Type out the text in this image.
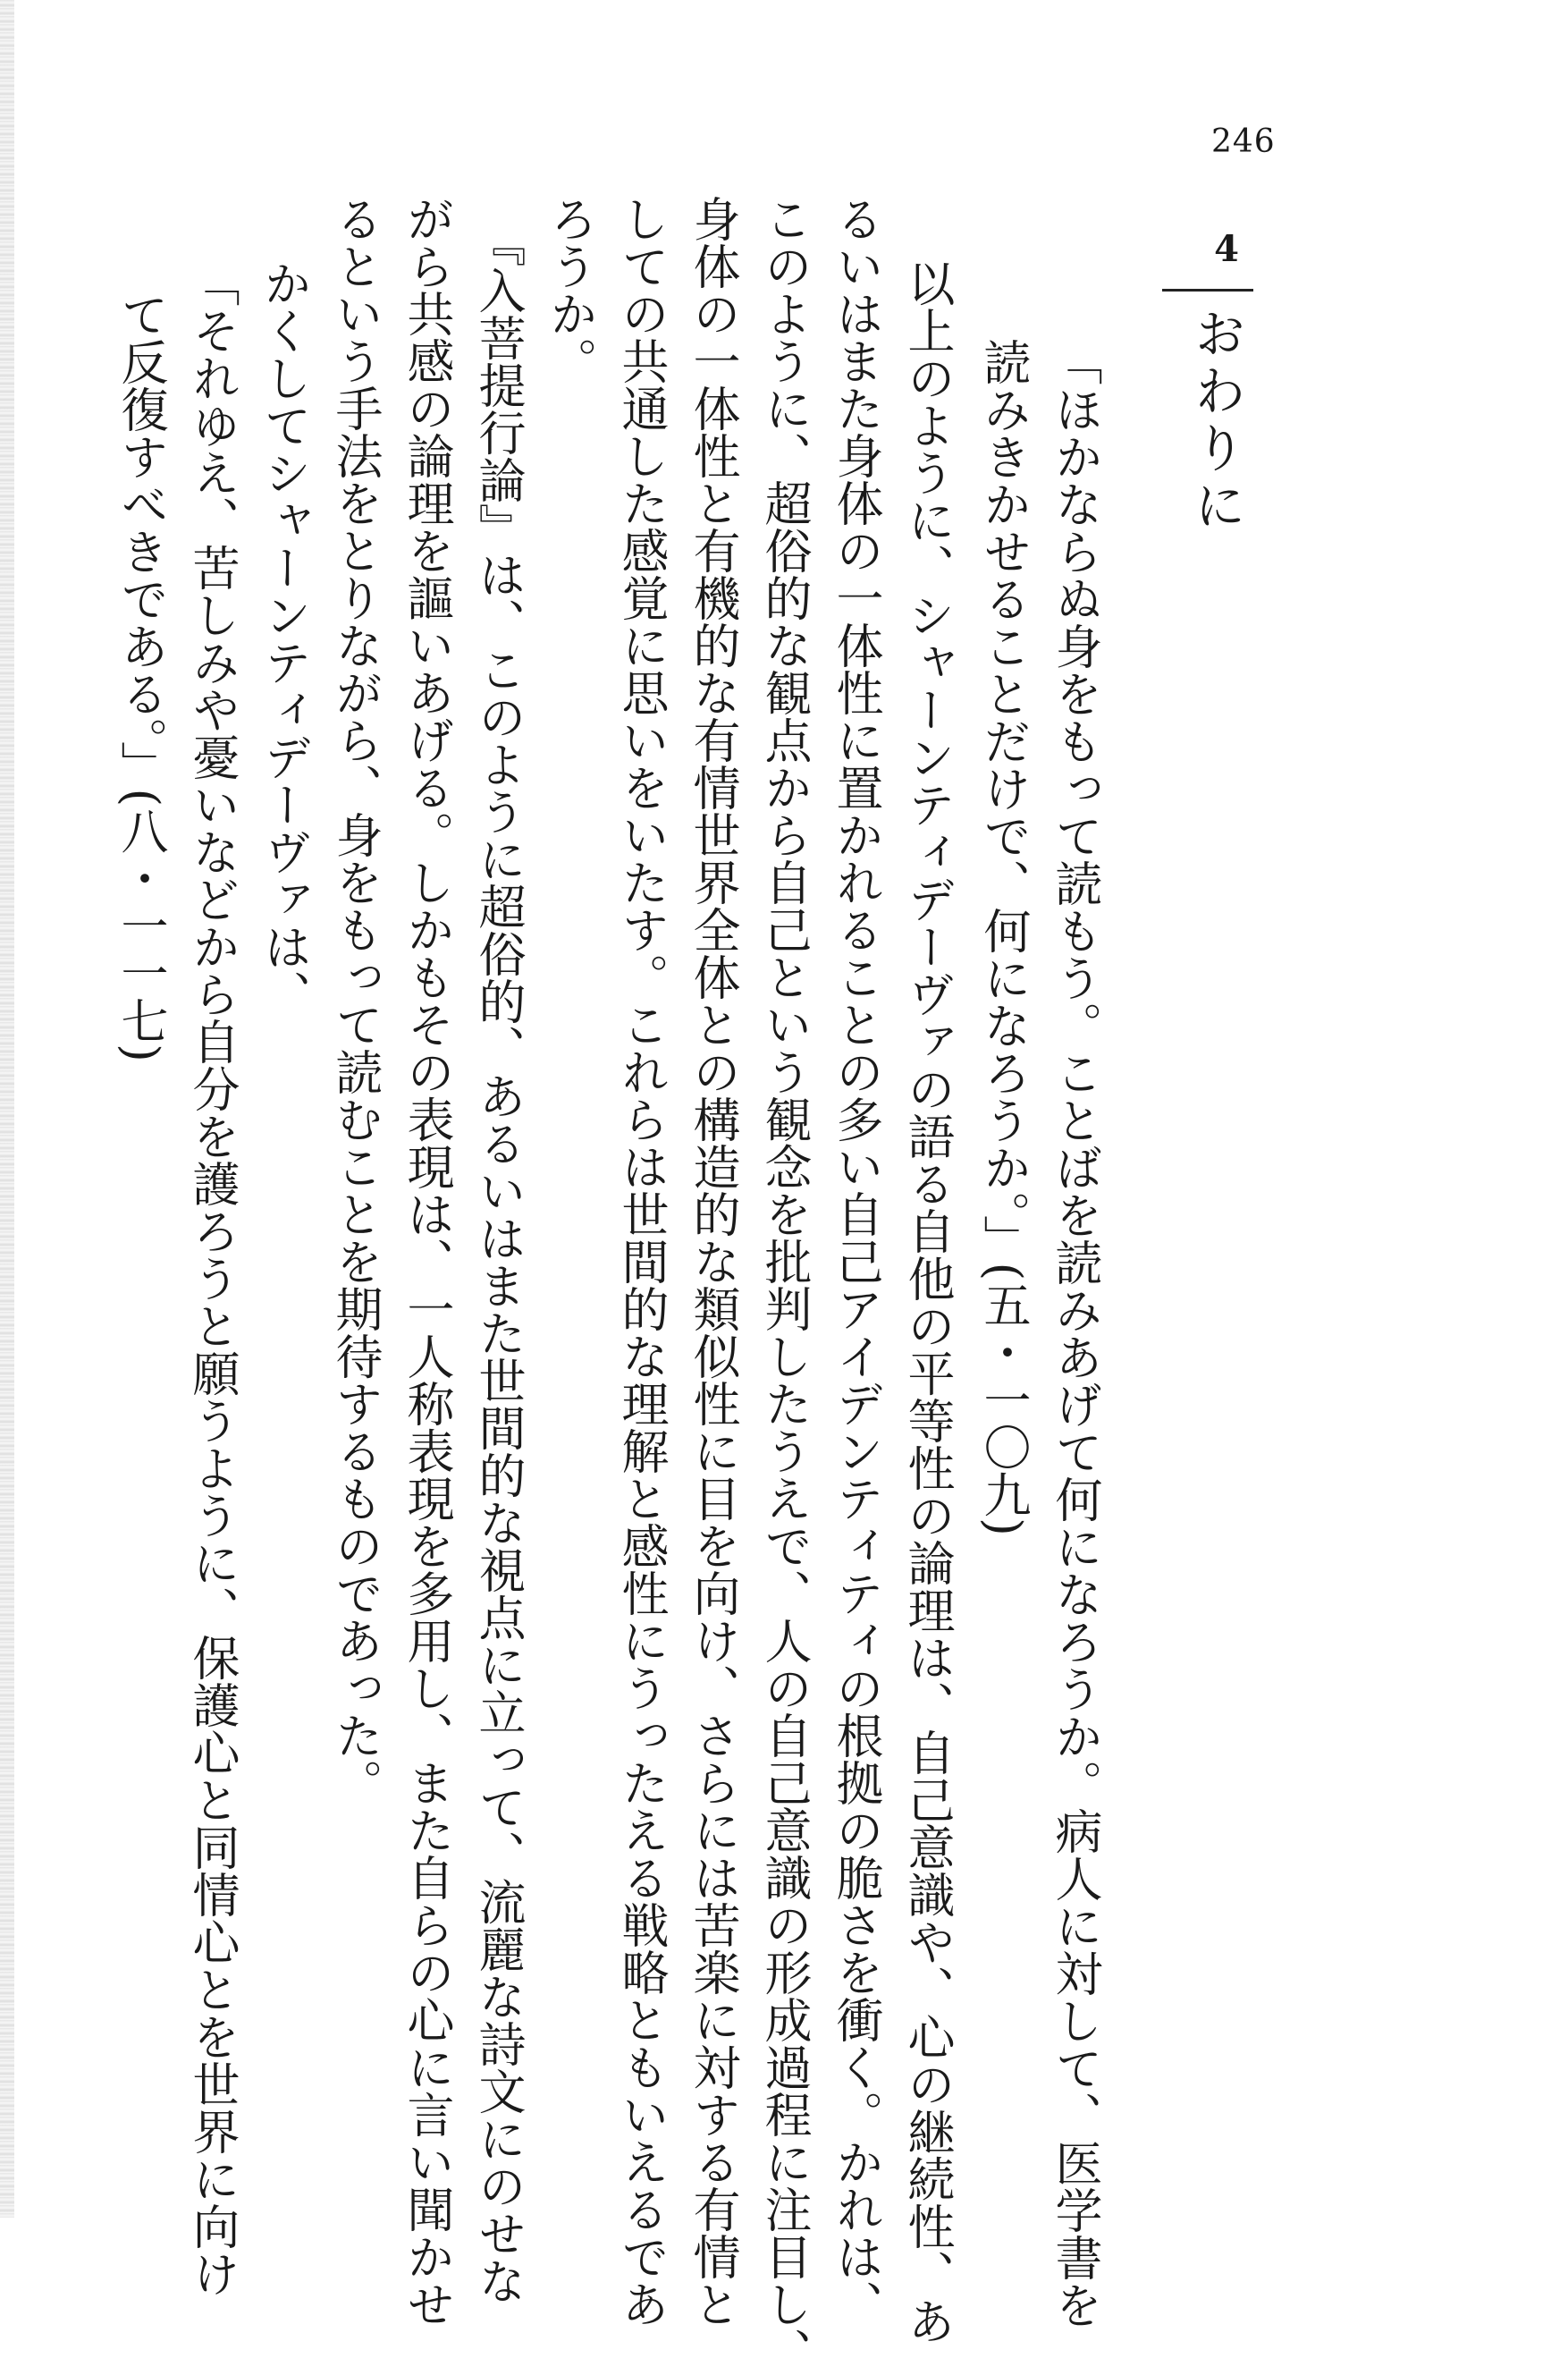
246
4
おわりに
「ほかならぬ身をもって読もう。ことばを読みあげて何になろうか。病人に対して、医学書を
読みきかせることだけで、何になろうか。」(五・一〇九)
以上のように、シャーンティデーヴァの語る自他の平等性の論理は、自己意識や、心の継続性、あ
るいはまた身体の一体性に置かれることの多い自己アイデンティティの根拠の脆さを衝く。かれは、
このように、超俗的な観点から自己という観念を批判したうえで、人の自己意識の形成過程に注目し、
身体の一体性と有機的な有情世界全体との構造的な類似性に目を向け、さらには苦楽に対する有情と
しての共通した感覚に思いをいたす。これらは世間的な理解と感性にうったえる戦略ともいえるであ
ろうか。
『入菩提行論』は、このように超俗的、あるいはまた世間的な視点に立って、流麗な詩文にのせな
がら共感の論理を謳いあげる。しかもその表現は、一人称表現を多用し、また自らの心に言い聞かせ
るという手法をとりながら、身をもって読むことを期待するものであった。
かくしてシャーンティデーヴァは、
「それゆえ、苦しみや憂いなどから自分を護ろうと願うように、保護心と同情心とを世界に向け
て反復すべきである。」(八・一一七)
